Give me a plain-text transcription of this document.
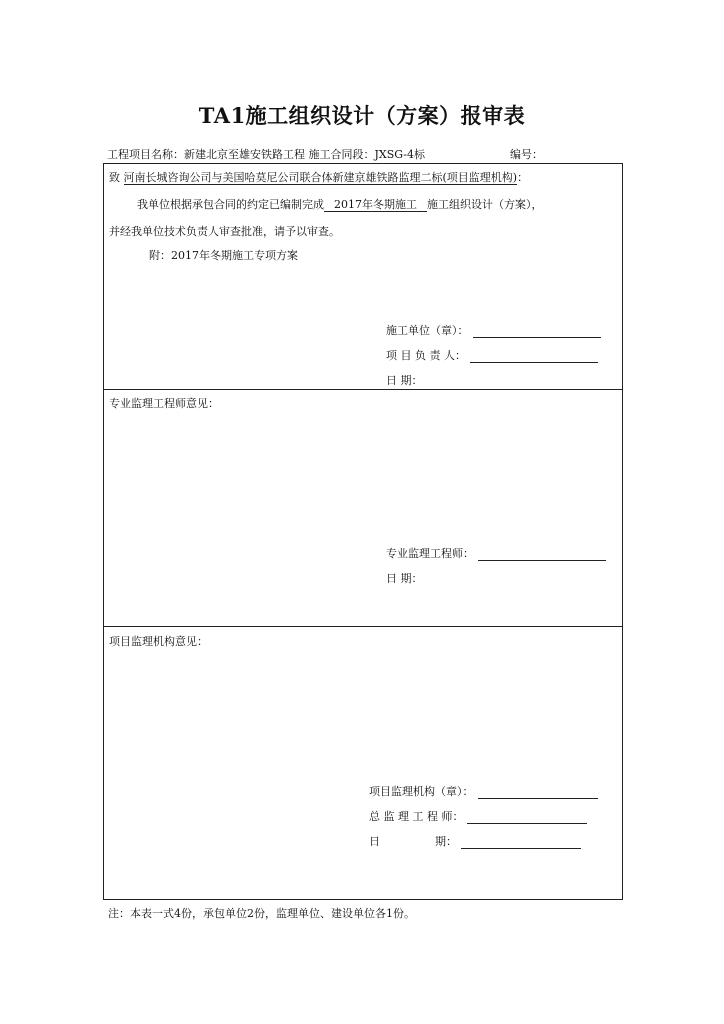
TA1施工组织设计（方案）报审表
工程项目名称：新建北京至雄安铁路工程 施工合同段：JXSG-4标	编号：
致 河南长城咨询公司与美国哈莫尼公司联合体新建京雄铁路监理二标(项目监理机构)：
我单位根据承包合同的约定已编制完成 2017年冬期施工 施工组织设计（方案），
并经我单位技术负责人审查批准，请予以审查。
附：2017年冬期施工专项方案
施工单位（章）：
项 目 负 责 人：
日 期：
专业监理工程师意见：
专业监理工程师：
日 期：
项目监理机构意见：
项目监理机构（章）：
总 监 理 工 程 师：
日	期：
注：本表一式4份，承包单位2份，监理单位、建设单位各1份。
